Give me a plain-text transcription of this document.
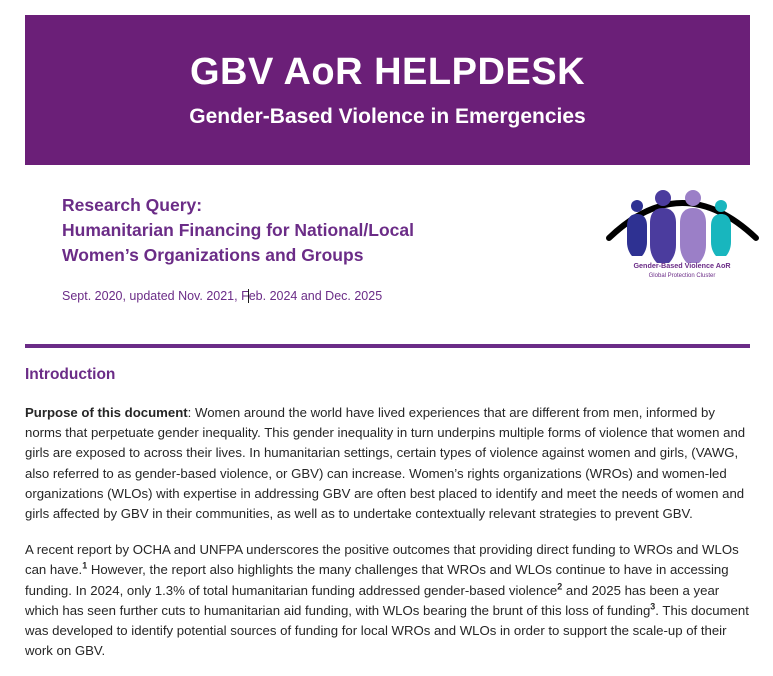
GBV AoR HELPDESK
Gender-Based Violence in Emergencies
Research Query:
Humanitarian Financing for National/Local
Women’s Organizations and Groups
Sept. 2020, updated Nov. 2021, Feb. 2024 and Dec. 2025
Gender-Based Violence AoR
Global Protection Cluster
Introduction

Purpose of this document: Women around the world have lived experiences that are different from men, informed by norms that perpetuate gender inequality. This gender inequality in turn underpins multiple forms of violence that women and girls are exposed to across their lives. In humanitarian settings, certain types of violence against women and girls, (VAWG, also referred to as gender-based violence, or GBV) can increase. Women’s rights organizations (WROs) and women-led organizations (WLOs) with expertise in addressing GBV are often best placed to identify and meet the needs of women and girls affected by GBV in their communities, as well as to undertake contextually relevant strategies to prevent GBV.

A recent report by OCHA and UNFPA underscores the positive outcomes that providing direct funding to WROs and WLOs can have.$^1$ However, the report also highlights the many challenges that WROs and WLOs continue to have in accessing funding. In 2024, only 1.3% of total humanitarian funding addressed gender-based violence$^2$ and 2025 has been a year which has seen further cuts to humanitarian aid funding, with WLOs bearing the brunt of this loss of funding$^3$. This document was developed to identify potential sources of funding for local WROs and WLOs in order to support the scale-up of their work on GBV.
